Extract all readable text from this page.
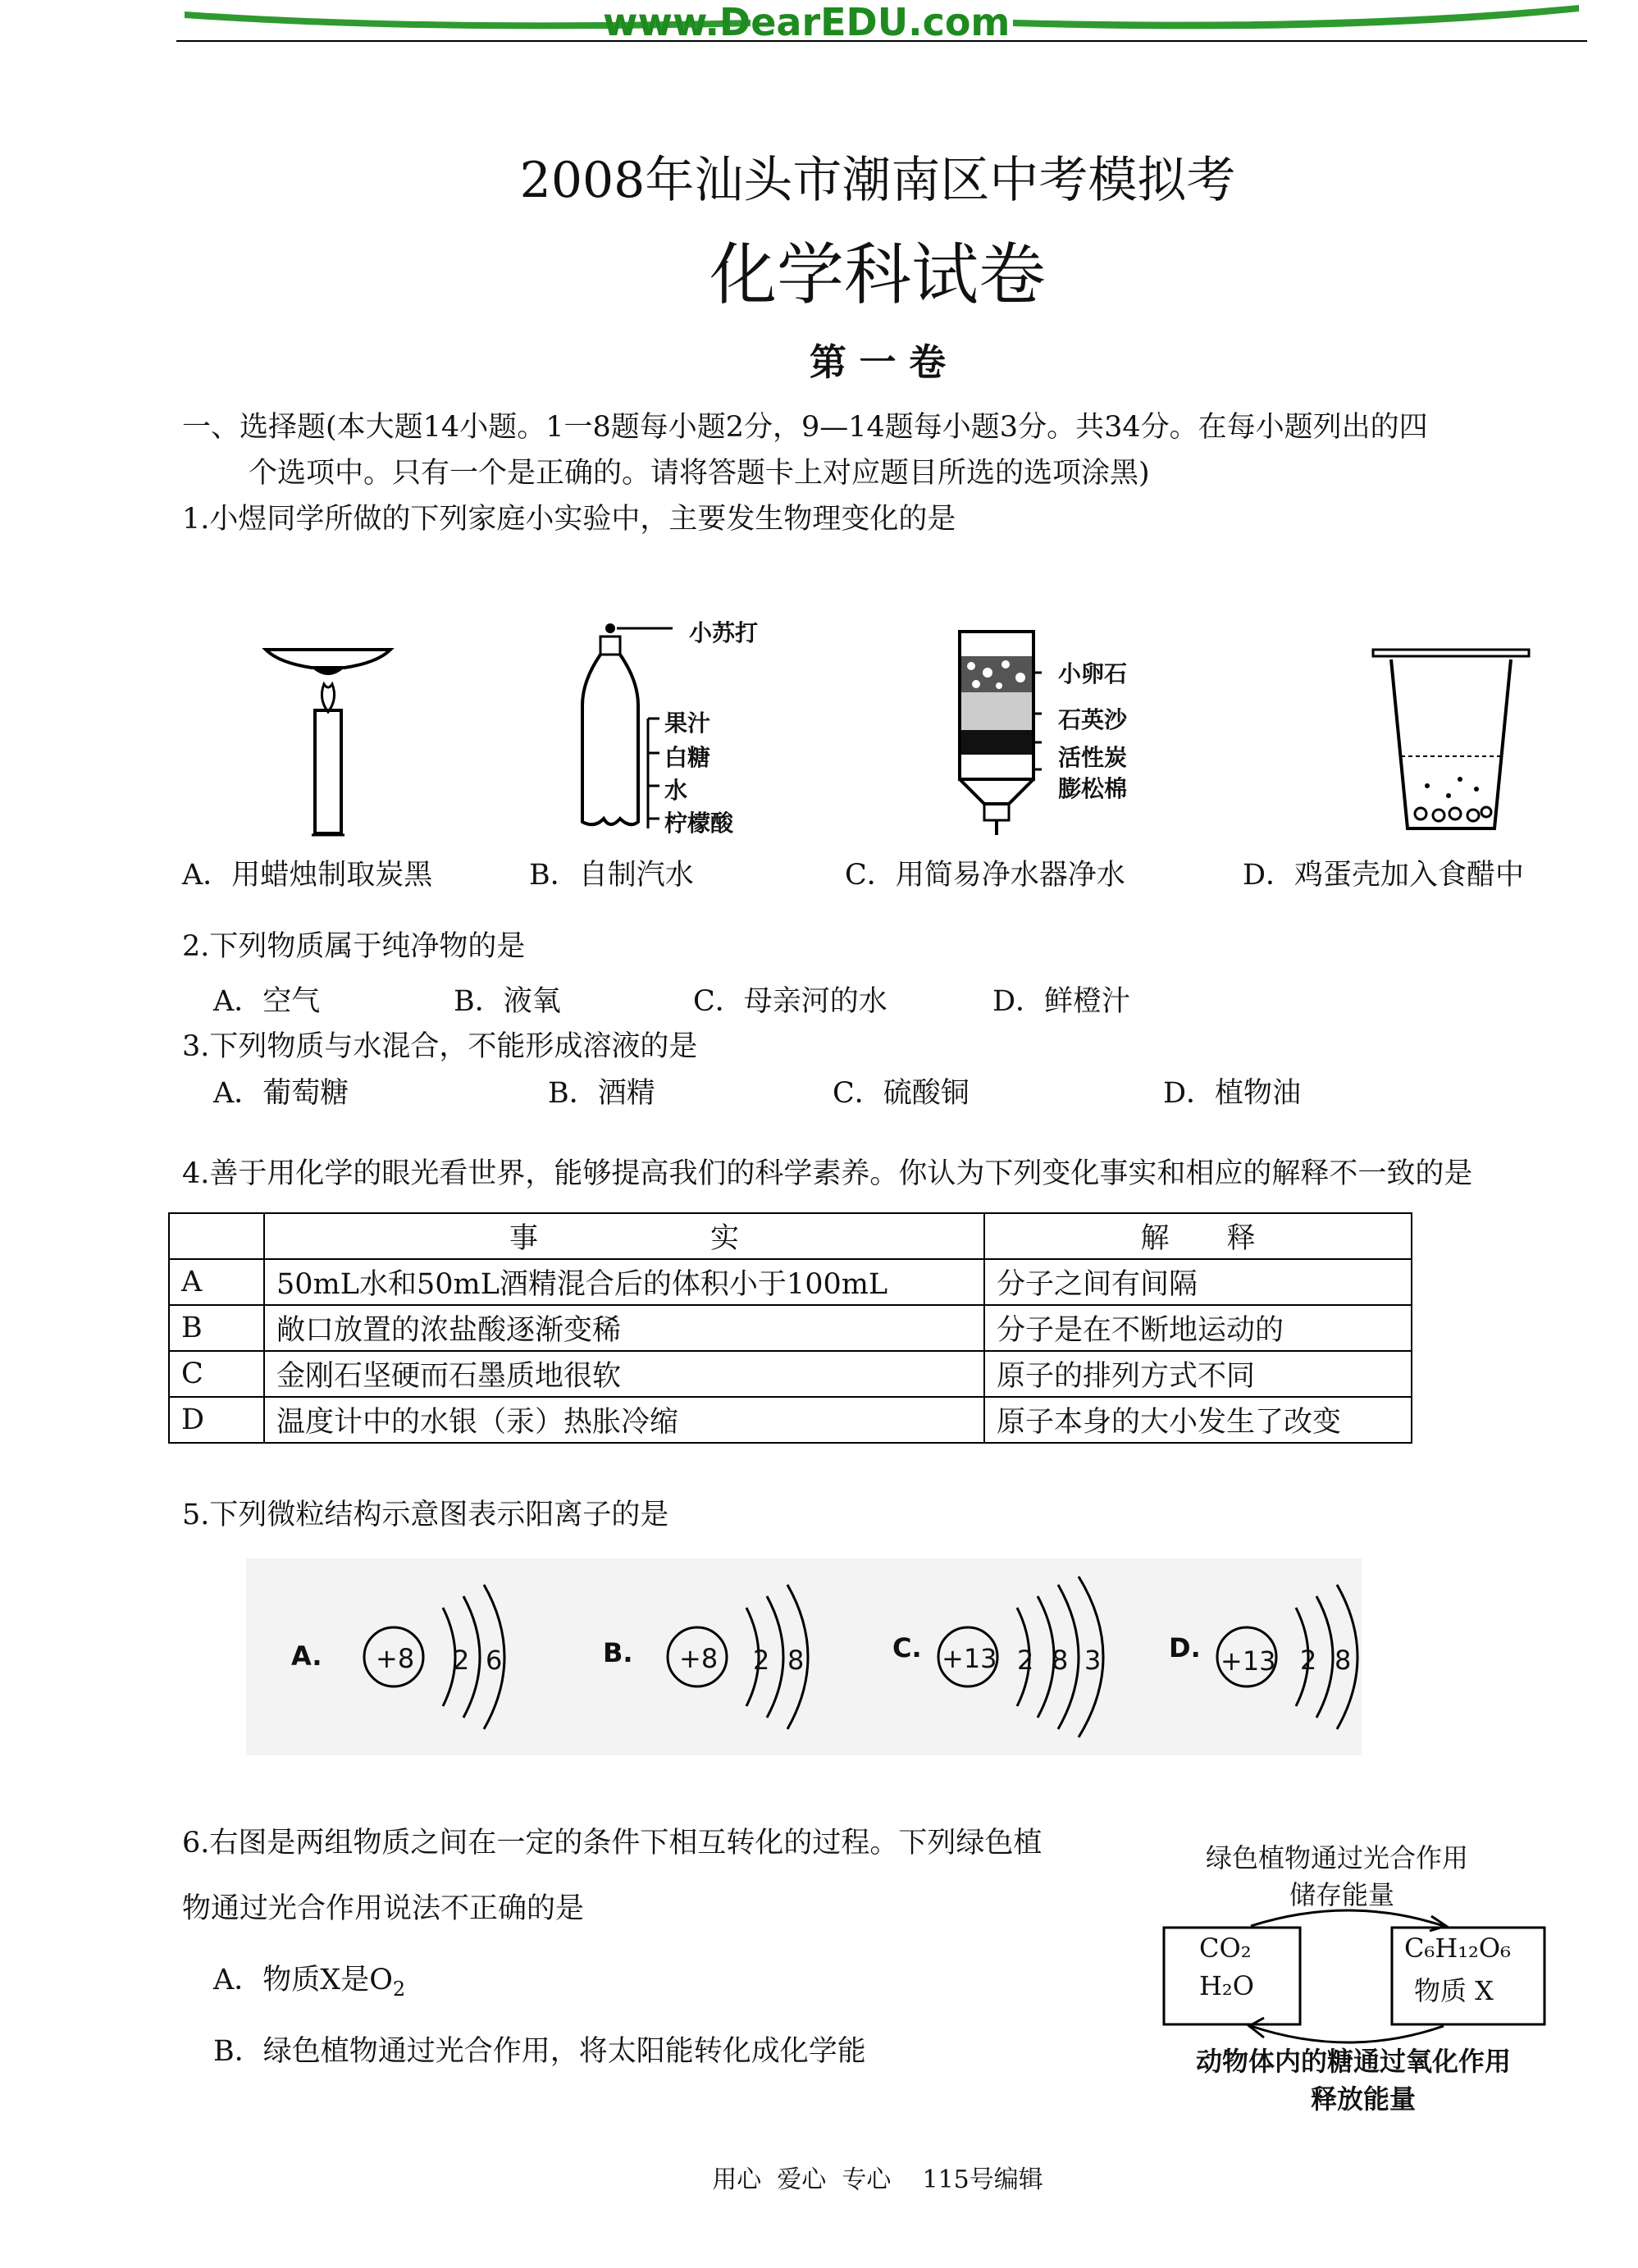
www.DearEDU.com
2008年汕头市潮南区中考模拟考
化学科试卷
第 一 卷
一、选择题(本大题14小题。1一8题每小题2分，9—14题每小题3分。共34分。在每小题列出的四
个选项中。只有一个是正确的。请将答题卡上对应题目所选的选项涂黑)
1.小煜同学所做的下列家庭小实验中，主要发生物理变化的是
小苏打
果汁
白糖
水
柠檬酸
小卵石
石英沙
活性炭
膨松棉
A．用蜡烛制取炭黑	B．自制汽水	C．用简易净水器净水	D．鸡蛋壳加入食醋中
2.下列物质属于纯净物的是
A．空气	B．液氧	C．母亲河的水	D．鲜橙汁
3.下列物质与水混合，不能形成溶液的是
A．葡萄糖	B．酒精	C．硫酸铜	D．植物油
4.善于用化学的眼光看世界，能够提高我们的科学素养。你认为下列变化事实和相应的解释不一致的是
	事　　　　　　实	解　　释
A	50mL水和50mL酒精混合后的体积小于100mL	分子之间有间隔
B	敞口放置的浓盐酸逐渐变稀	分子是在不断地运动的
C	金刚石坚硬而石墨质地很软	原子的排列方式不同
D	温度计中的水银（汞）热胀冷缩	原子本身的大小发生了改变
5.下列微粒结构示意图表示阳离子的是
A. +8 2 6	B. +8 2 8	C. +13 2 8 3	D. +13 2 8
6.右图是两组物质之间在一定的条件下相互转化的过程。下列绿色植
物通过光合作用说法不正确的是
A．物质X是$O_2$
B．绿色植物通过光合作用，将太阳能转化成化学能
绿色植物通过光合作用
储存能量
CO₂
H₂O
C₆H₁₂O₆
物质 X
动物体内的糖通过氧化作用
释放能量
用心  爱心  专心    115号编辑
